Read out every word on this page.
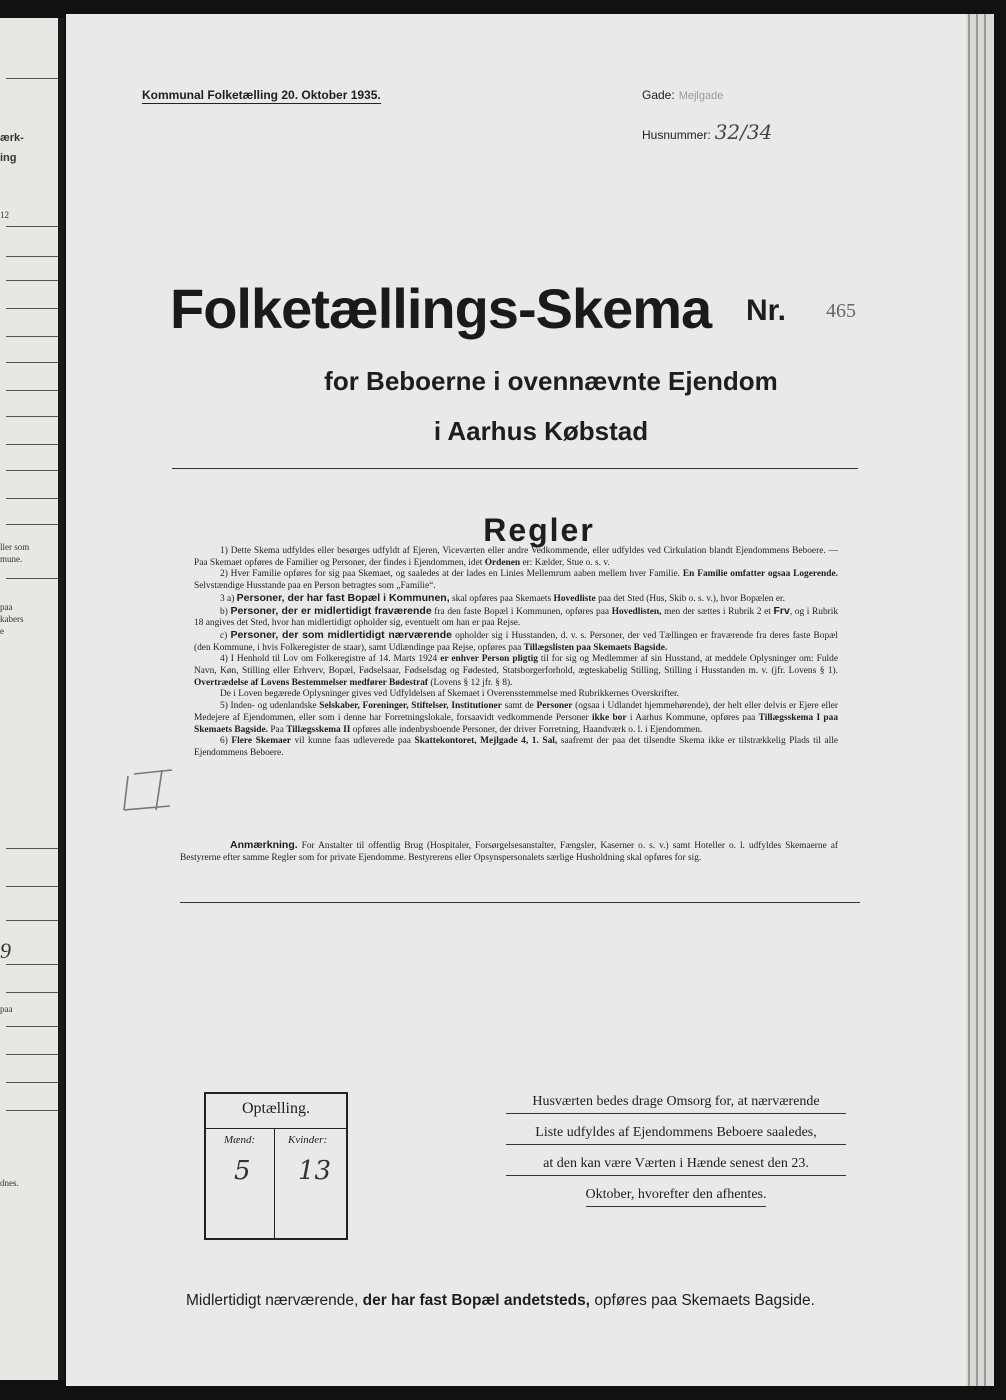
ærk-
ing
12
ller som
mune.
paa
kabers
e
9
paa
dnes.
Kommunal Folketælling 20. Oktober 1935.	Gade: Mejlgade
Husnummer: 32/34
Folketællings-Skema Nr. 465
for Beboerne i ovennævnte Ejendom
i Aarhus Købstad
Regler

1) Dette Skema udfyldes eller besørges udfyldt af Ejeren, Viceværten eller andre Vedkommende, eller udfyldes ved Cirkulation blandt Ejendommens Beboere. — Paa Skemaet opføres de Familier og Personer, der findes i Ejendommen, idet Ordenen er: Kælder, Stue o. s. v.

2) Hver Familie opføres for sig paa Skemaet, og saaledes at der lades en Linies Mellemrum aaben mellem hver Familie. En Familie omfatter ogsaa Logerende. Selvstændige Husstande paa en Person betragtes som „Familie“.

3 a) Personer, der har fast Bopæl i Kommunen, skal opføres paa Skemaets Hovedliste paa det Sted (Hus, Skib o. s. v.), hvor Bopælen er.

b) Personer, der er midlertidigt fraværende fra den faste Bopæl i Kommunen, opføres paa Hovedlisten, men der sættes i Rubrik 2 et Frv, og i Rubrik 18 angives det Sted, hvor han midlertidigt opholder sig, eventuelt om han er paa Rejse.

c) Personer, der som midlertidigt nærværende opholder sig i Husstanden, d. v. s. Personer, der ved Tællingen er fraværende fra deres faste Bopæl (den Kommune, i hvis Folkeregister de staar), samt Udlændinge paa Rejse, opføres paa Tillægslisten paa Skemaets Bagside.

4) I Henhold til Lov om Folkeregistre af 14. Marts 1924 er enhver Person pligtig til for sig og Medlemmer af sin Husstand, at meddele Oplysninger om: Fulde Navn, Køn, Stilling eller Erhverv, Bopæl, Fødselsaar, Fødselsdag og Fødested, Statsborgerforhold, ægteskabelig Stilling, Stilling i Husstanden m. v. (jfr. Lovens § 1). Overtrædelse af Lovens Bestemmelser medfører Bødestraf (Lovens § 12 jfr. § 8).

De i Loven begærede Oplysninger gives ved Udfyldelsen af Skemaet i Overensstemmelse med Rubrikkernes Overskrifter.

5) Inden- og udenlandske Selskaber, Foreninger, Stiftelser, Institutioner samt de Personer (ogsaa i Udlandet hjemmehørende), der helt eller delvis er Ejere eller Medejere af Ejendommen, eller som i denne har Forretningslokale, forsaavidt vedkommende Personer ikke bor i Aarhus Kommune, opføres paa Tillægsskema I paa Skemaets Bagside. Paa Tillægsskema II opføres alle indenbysboende Personer, der driver Forretning, Haandværk o. l. i Ejendommen.

6) Flere Skemaer vil kunne faas udleverede paa Skattekontoret, Mejlgade 4, 1. Sal, saafremt der paa det tilsendte Skema ikke er tilstrækkelig Plads til alle Ejendommens Beboere.

Anmærkning. For Anstalter til offentlig Brug (Hospitaler, Forsørgelsesanstalter, Fængsler, Kaserner o. s. v.) samt Hoteller o. l. udfyldes Skemaerne af Bestyrerne efter samme Regler som for private Ejendomme. Bestyrerens eller Opsynspersonalets særlige Husholdning skal opføres for sig.
Optælling.
Mænd:	Kvinder:
5 13
Husværten bedes drage Omsorg for, at nærværende
Liste udfyldes af Ejendommens Beboere saaledes,
at den kan være Værten i Hænde senest den 23.
Oktober, hvorefter den afhentes.
Midlertidigt nærværende, der har fast Bopæl andetsteds, opføres paa Skemaets Bagside.
